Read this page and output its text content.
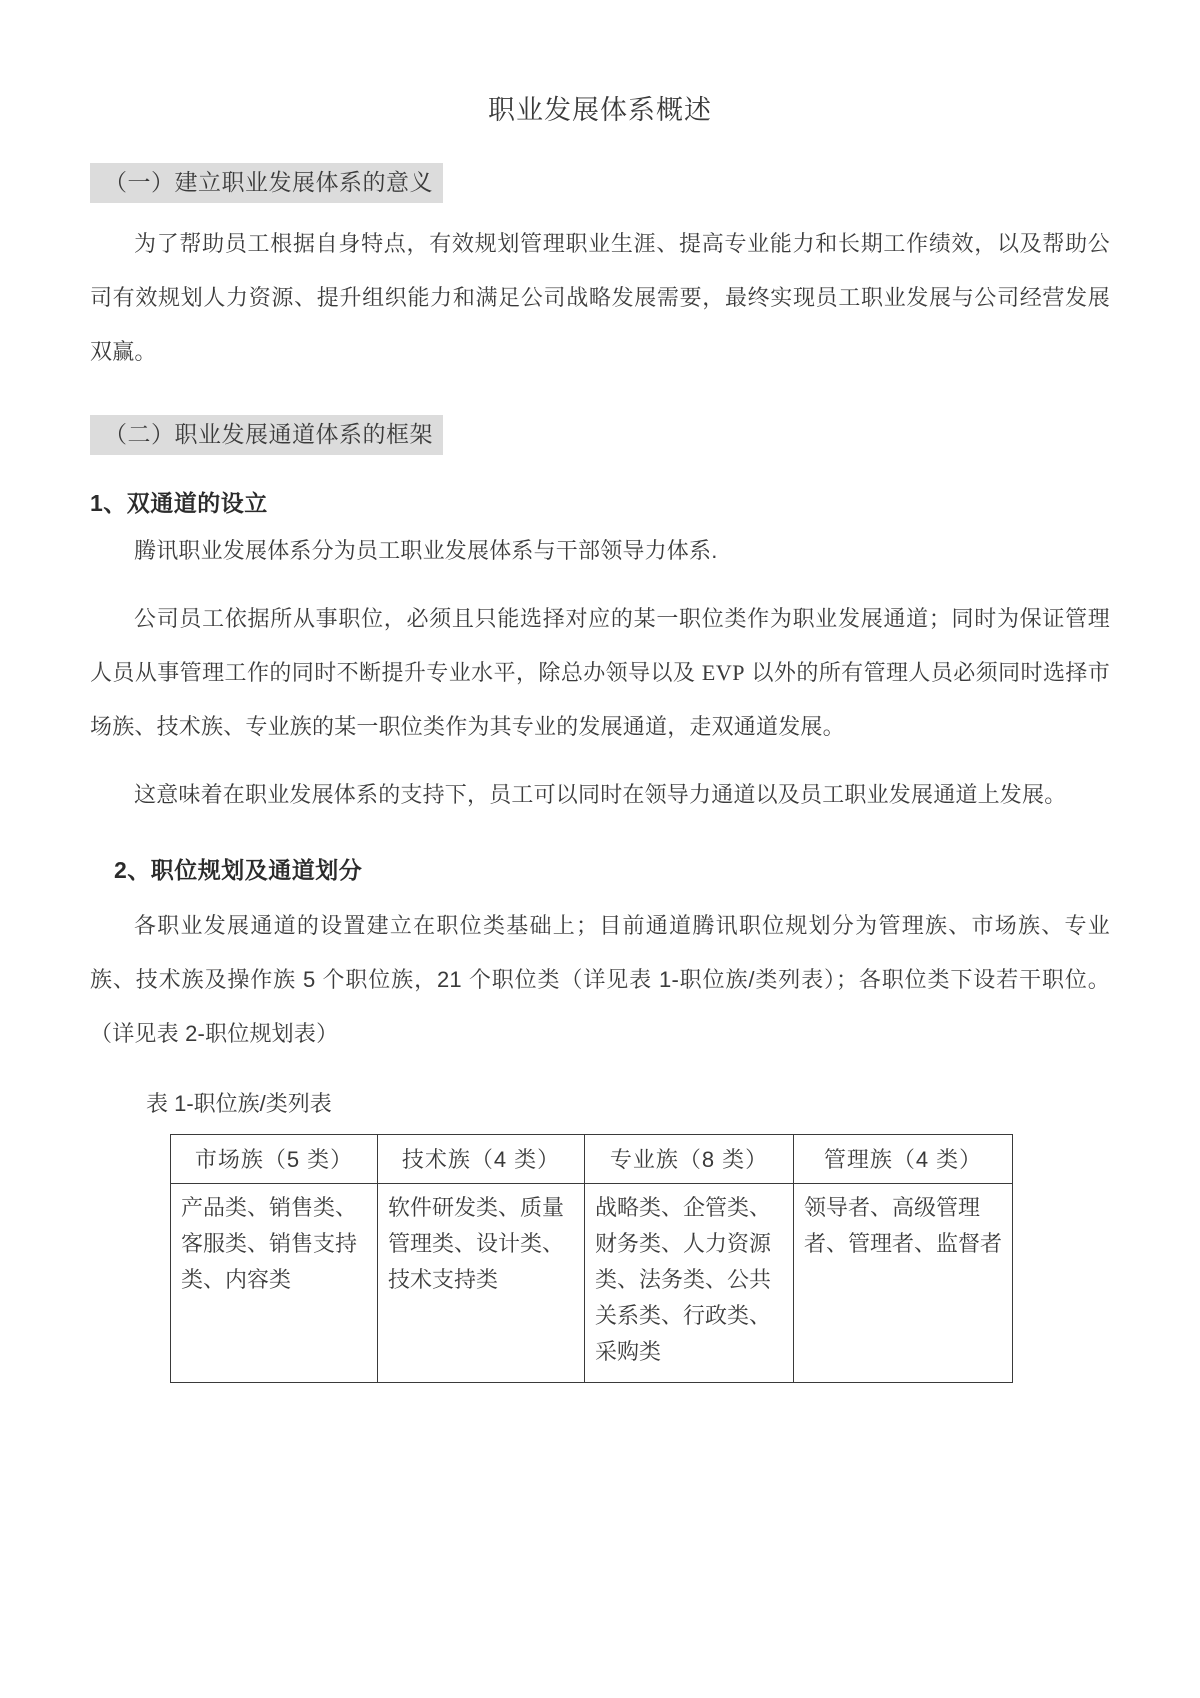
职业发展体系概述
（一）建立职业发展体系的意义

为了帮助员工根据自身特点，有效规划管理职业生涯、提高专业能力和长期工作绩效，以及帮助公司有效规划人力资源、提升组织能力和满足公司战略发展需要，最终实现员工职业发展与公司经营发展双赢。

（二）职业发展通道体系的框架
1、双通道的设立

腾讯职业发展体系分为员工职业发展体系与干部领导力体系.

公司员工依据所从事职位，必须且只能选择对应的某一职位类作为职业发展通道；同时为保证管理人员从事管理工作的同时不断提升专业水平，除总办领导以及 EVP 以外的所有管理人员必须同时选择市场族、技术族、专业族的某一职位类作为其专业的发展通道，走双通道发展。

这意味着在职业发展体系的支持下，员工可以同时在领导力通道以及员工职业发展通道上发展。

2、职位规划及通道划分

各职业发展通道的设置建立在职位类基础上；目前通道腾讯职位规划分为管理族、市场族、专业族、技术族及操作族 5 个职位族，21 个职位类（详见表 1-职位族/类列表）；各职位类下设若干职位。（详见表 2-职位规划表）

表 1-职位族/类列表
市场族（5 类）	技术族（4 类）	专业族（8 类）	管理族（4 类）
产品类、销售类、客服类、销售支持类、内容类	软件研发类、质量管理类、设计类、技术支持类	战略类、企管类、财务类、人力资源类、法务类、公共关系类、行政类、采购类	领导者、高级管理者、管理者、监督者
